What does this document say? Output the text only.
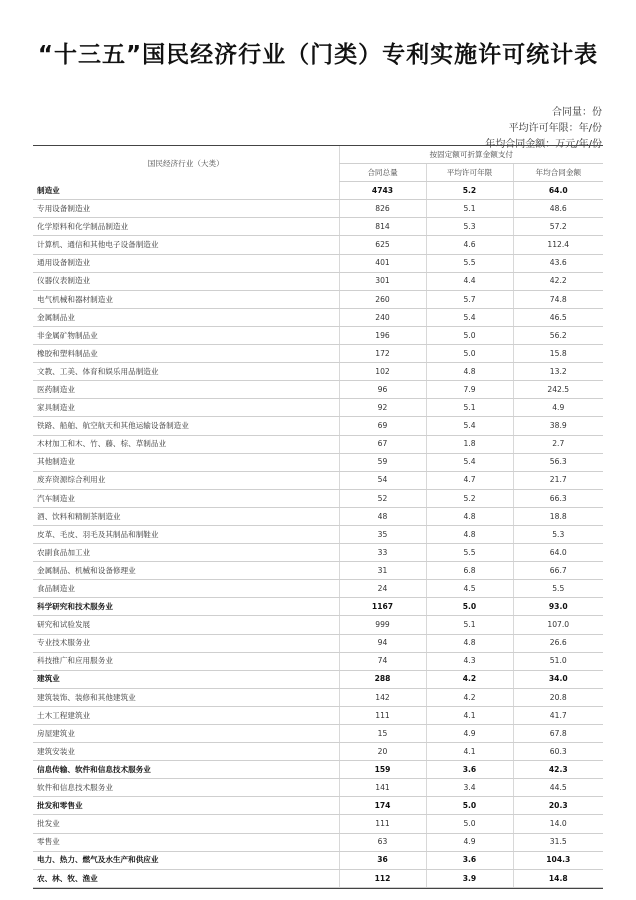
“十三五”国民经济行业（门类）专利实施许可统计表
合同量：份
平均许可年限：年/份
年均合同金额：万元/年/份
国民经济行业（大类）	按固定额可折算金额支付		
	合同总量	平均许可年限	年均合同金额
制造业	4743	5.2	64.0
专用设备制造业	826	5.1	48.6
化学原料和化学制品制造业	814	5.3	57.2
计算机、通信和其他电子设备制造业	625	4.6	112.4
通用设备制造业	401	5.5	43.6
仪器仪表制造业	301	4.4	42.2
电气机械和器材制造业	260	5.7	74.8
金属制品业	240	5.4	46.5
非金属矿物制品业	196	5.0	56.2
橡胶和塑料制品业	172	5.0	15.8
文教、工美、体育和娱乐用品制造业	102	4.8	13.2
医药制造业	96	7.9	242.5
家具制造业	92	5.1	4.9
铁路、船舶、航空航天和其他运输设备制造业	69	5.4	38.9
木材加工和木、竹、藤、棕、草制品业	67	1.8	2.7
其他制造业	59	5.4	56.3
废弃资源综合利用业	54	4.7	21.7
汽车制造业	52	5.2	66.3
酒、饮料和精制茶制造业	48	4.8	18.8
皮革、毛皮、羽毛及其制品和制鞋业	35	4.8	5.3
农副食品加工业	33	5.5	64.0
金属制品、机械和设备修理业	31	6.8	66.7
食品制造业	24	4.5	5.5
科学研究和技术服务业	1167	5.0	93.0
研究和试验发展	999	5.1	107.0
专业技术服务业	94	4.8	26.6
科技推广和应用服务业	74	4.3	51.0
建筑业	288	4.2	34.0
建筑装饰、装修和其他建筑业	142	4.2	20.8
土木工程建筑业	111	4.1	41.7
房屋建筑业	15	4.9	67.8
建筑安装业	20	4.1	60.3
信息传输、软件和信息技术服务业	159	3.6	42.3
软件和信息技术服务业	141	3.4	44.5
批发和零售业	174	5.0	20.3
批发业	111	5.0	14.0
零售业	63	4.9	31.5
电力、热力、燃气及水生产和供应业	36	3.6	104.3
农、林、牧、渔业	112	3.9	14.8
